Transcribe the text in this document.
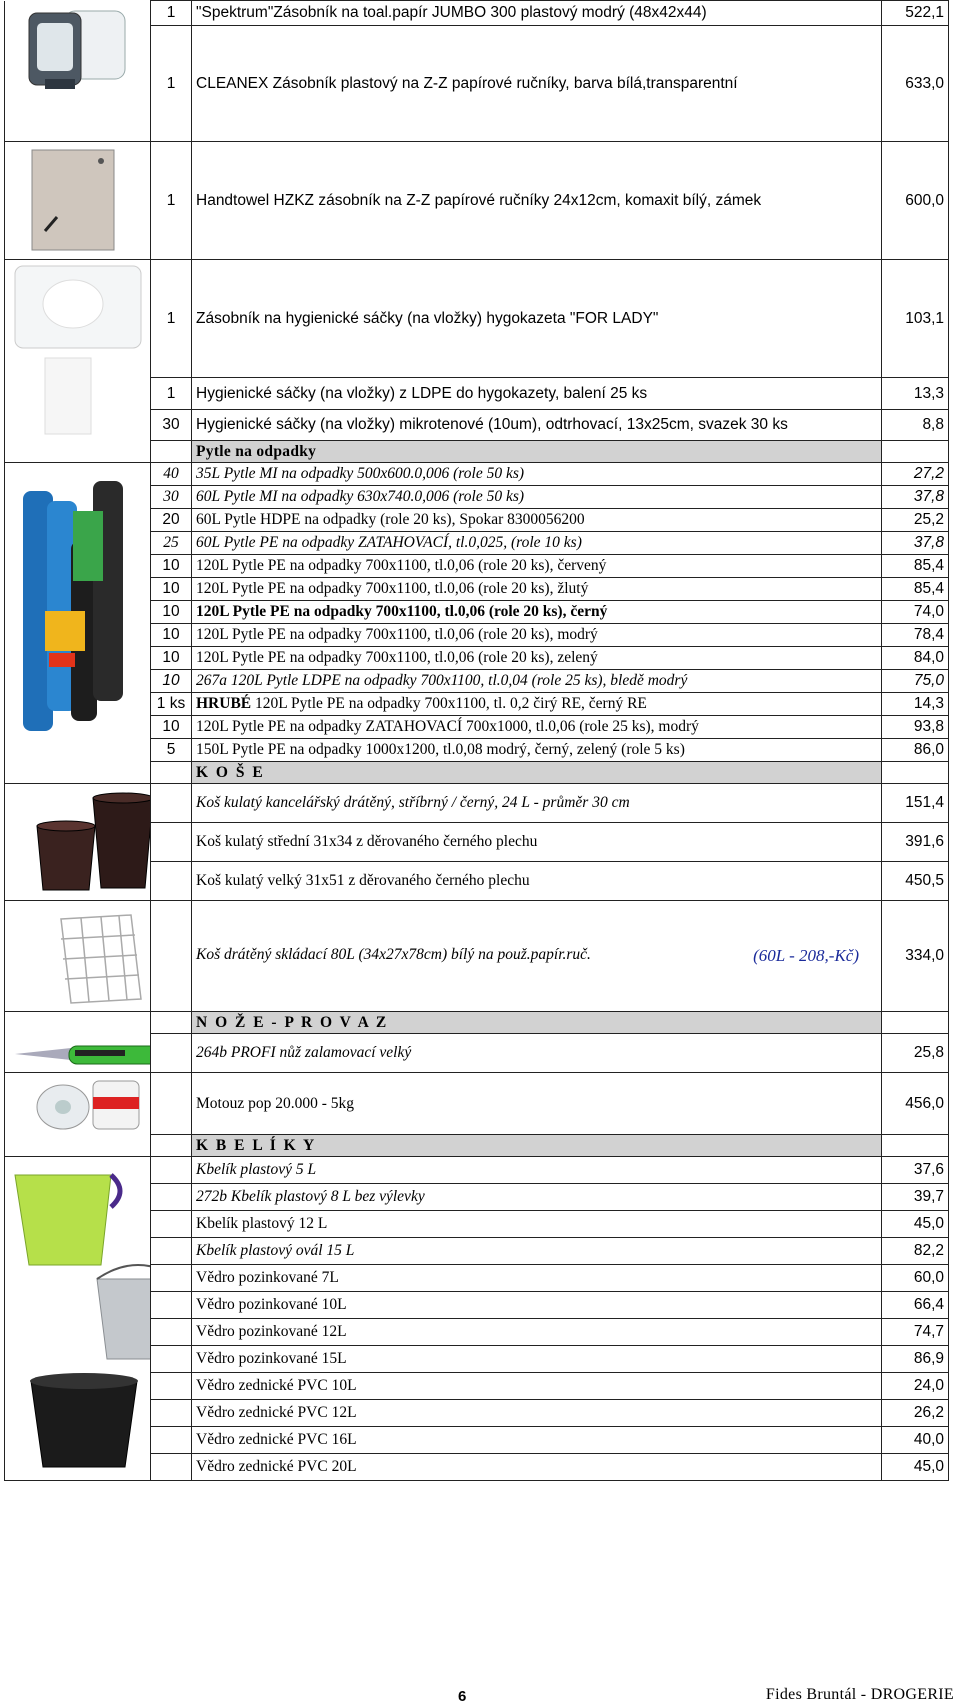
	1	"Spektrum"Zásobník na toal.papír JUMBO 300 plastový modrý (48x42x44)	522,1
	1	CLEANEX Zásobník plastový na Z-Z papírové ručníky, barva bílá,transparentní	633,0

	1	Handtowel HZKZ zásobník na Z-Z papírové ručníky 24x12cm, komaxit bílý, zámek	600,0

	1	Zásobník na hygienické sáčky (na vložky) hygokazeta "FOR LADY"	103,1
	1	Hygienické sáčky (na vložky) z LDPE do hygokazety, balení 25 ks	13,3
	30	Hygienické sáčky (na vložky) mikrotenové (10um), odtrhovací, 13x25cm, svazek 30 ks	8,8
		Pytle na odpadky	

	40	35L Pytle MI na odpadky 500x600.0,006 (role 50 ks)	27,2
	30	60L Pytle MI na odpadky 630x740.0,006 (role 50 ks)	37,8
	20	60L Pytle HDPE na odpadky (role 20 ks), Spokar 8300056200	25,2
	25	60L Pytle PE na odpadky ZATAHOVACÍ, tl.0,025, (role 10 ks)	37,8
	10	120L Pytle PE na odpadky 700x1100, tl.0,06 (role 20 ks), červený	85,4
	10	120L Pytle PE na odpadky 700x1100, tl.0,06 (role 20 ks), žlutý	85,4
	10	120L Pytle PE na odpadky 700x1100, tl.0,06 (role 20 ks), černý	74,0
	10	120L Pytle PE na odpadky 700x1100, tl.0,06 (role 20 ks), modrý	78,4
	10	120L Pytle PE na odpadky 700x1100, tl.0,06 (role 20 ks), zelený	84,0
	10	267a 120L Pytle LDPE na odpadky 700x1100, tl.0,04 (role 25 ks), bledě modrý	75,0
	1 ks	HRUBÉ 120L Pytle PE na odpadky 700x1100, tl. 0,2 čirý RE, černý RE	14,3
	10	120L Pytle PE na odpadky ZATAHOVACÍ 700x1000, tl.0,06 (role 25 ks), modrý	93,8
	5	150L Pytle PE na odpadky 1000x1200, tl.0,08 modrý, černý, zelený (role 5 ks)	86,0
		K O Š E	

		Koš kulatý kancelářský drátěný, stříbrný / černý, 24 L - průměr 30 cm	151,4
		Koš kulatý střední 31x34 z děrovaného černého plechu	391,6
		Koš kulatý velký 31x51 z děrovaného černého plechu	450,5

		Koš drátěný skládací 80L (34x27x78cm) bílý na použ.papír.ruč. (60L - 208,-Kč)	334,0
		N O Ž E - P R O V A Z	

		264b PROFI nůž zalamovací velký	25,8

		Motouz pop 20.000 - 5kg	456,0
		K B E L Í K Y	

		Kbelík plastový 5 L	37,6
		272b Kbelík plastový 8 L bez výlevky	39,7
		Kbelík plastový 12 L	45,0
		Kbelík plastový ovál 15 L	82,2
		Vědro pozinkované 7L	60,0
		Vědro pozinkované 10L	66,4
		Vědro pozinkované 12L	74,7
		Vědro pozinkované 15L	86,9
		Vědro zednické PVC 10L	24,0
		Vědro zednické PVC 12L	26,2
		Vědro zednické PVC 16L	40,0
		Vědro zednické PVC 20L	45,0
6	Fides Bruntál - DROGERIE
